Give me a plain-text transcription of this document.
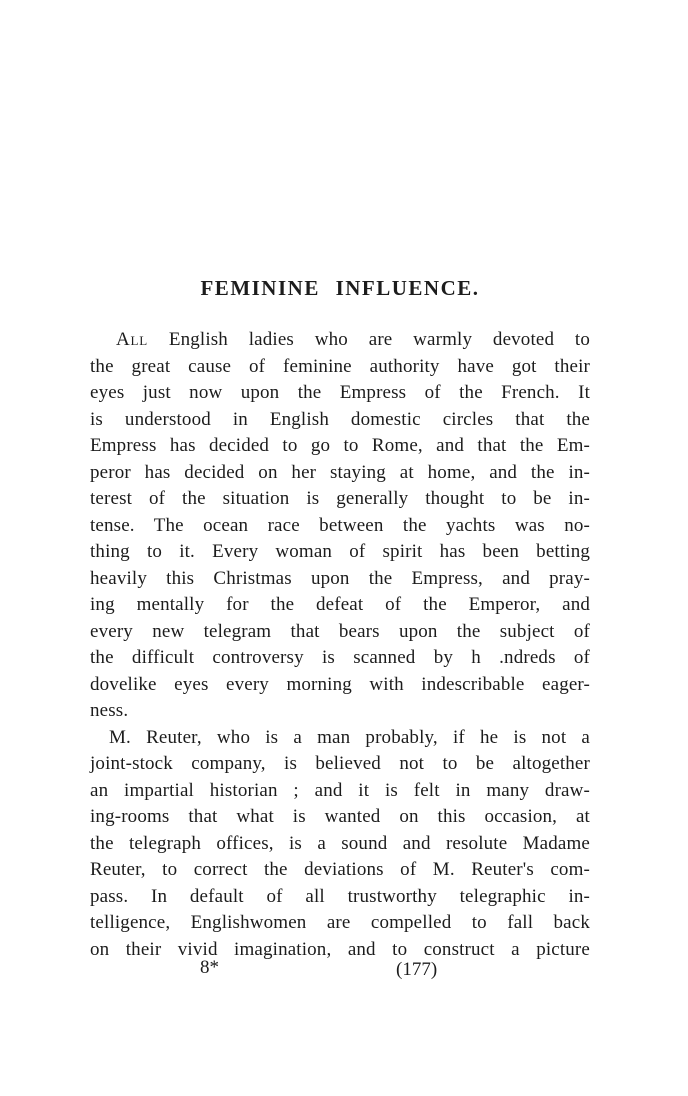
FEMININE INFLUENCE.

All English ladies who are warmly devoted to
the great cause of feminine authority have got their
eyes just now upon the Empress of the French. It
is understood in English domestic circles that the
Empress has decided to go to Rome, and that the Em-
peror has decided on her staying at home, and the in-
terest of the situation is generally thought to be in-
tense. The ocean race between the yachts was no-
thing to it. Every woman of spirit has been betting
heavily this Christmas upon the Empress, and pray-
ing mentally for the defeat of the Emperor, and
every new telegram that bears upon the subject of
the difficult controversy is scanned by h .ndreds of
dovelike eyes every morning with indescribable eager-
ness.

M. Reuter, who is a man probably, if he is not a
joint-stock company, is believed not to be altogether
an impartial historian ; and it is felt in many draw-
ing-rooms that what is wanted on this occasion, at
the telegraph offices, is a sound and resolute Madame
Reuter, to correct the deviations of M. Reuter's com-
pass. In default of all trustworthy telegraphic in-
telligence, Englishwomen are compelled to fall back
on their vivid imagination, and to construct a picture

8*	(177)
